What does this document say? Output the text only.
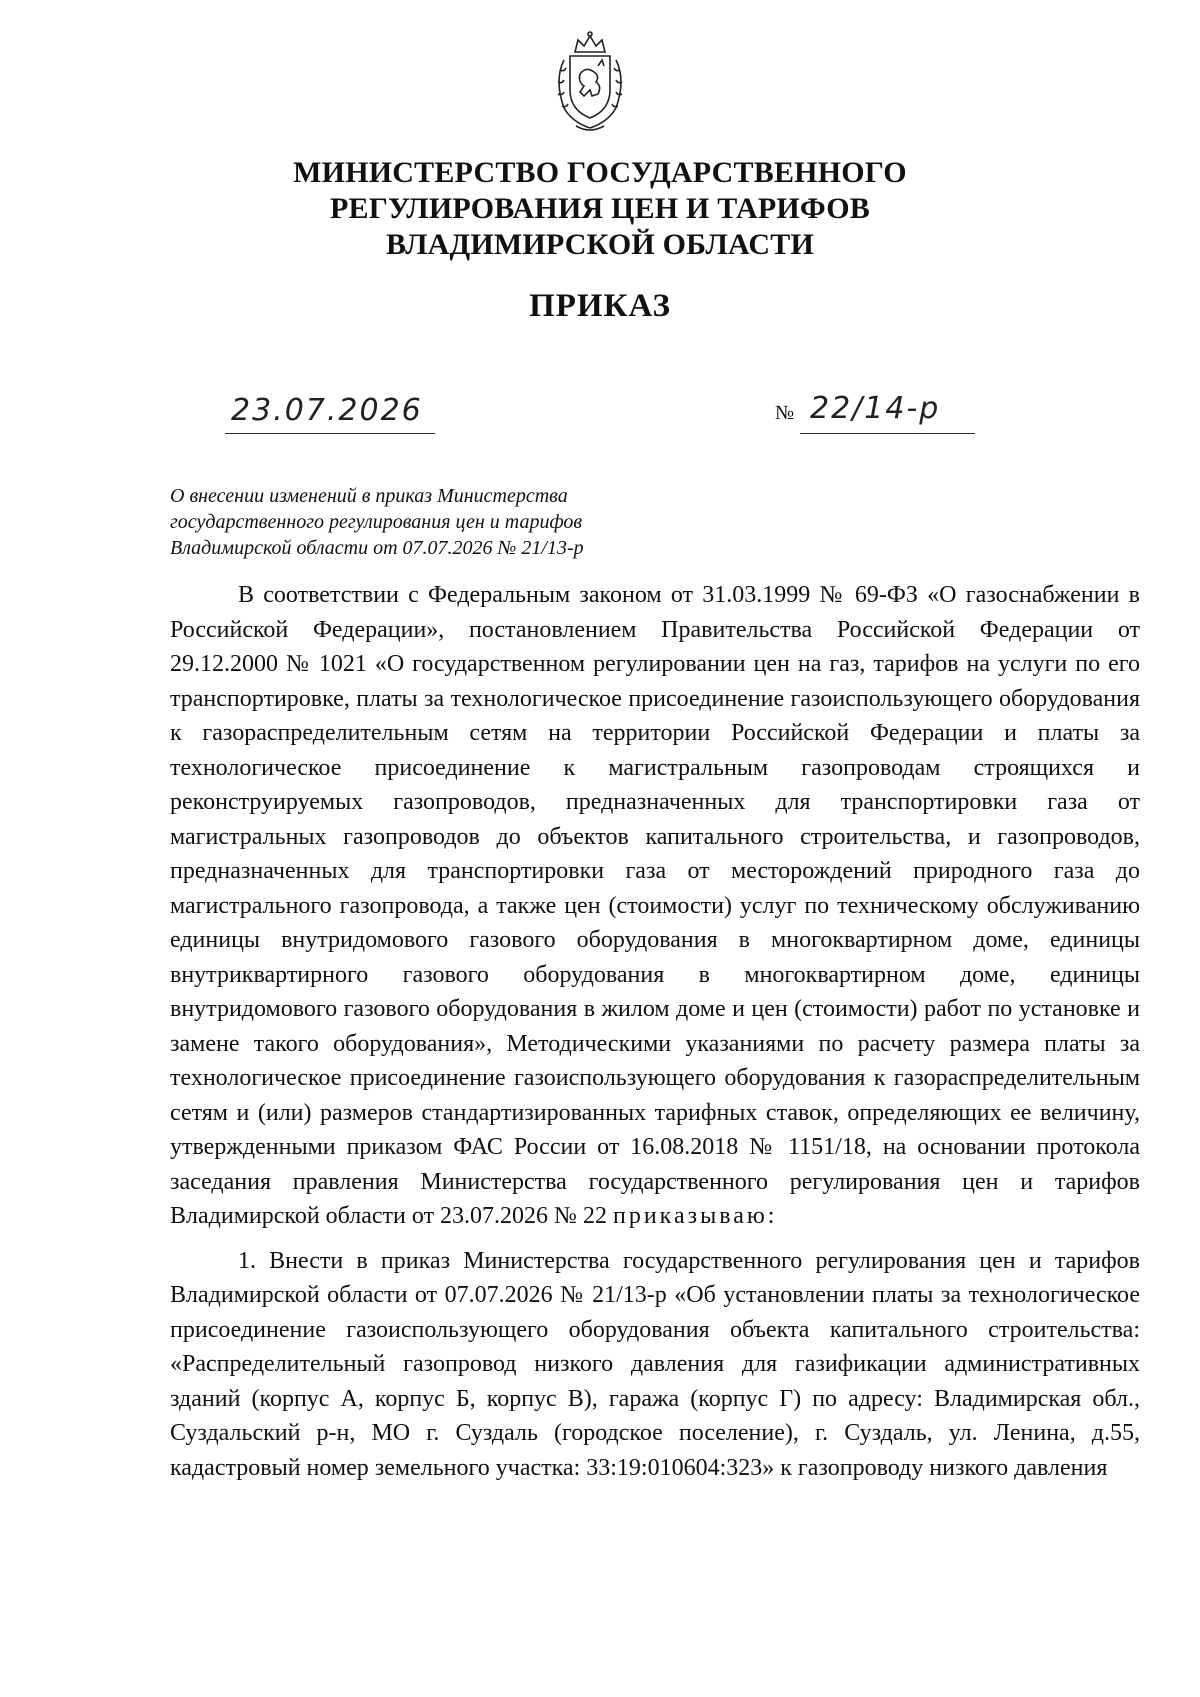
МИНИСТЕРСТВО ГОСУДАРСТВЕННОГО
РЕГУЛИРОВАНИЯ ЦЕН И ТАРИФОВ
ВЛАДИМИРСКОЙ ОБЛАСТИ
ПРИКАЗ
23.07.2026	№ 22/14-р
О внесении изменений в приказ Министерства
государственного регулирования цен и тарифов
Владимирской области от 07.07.2026 № 21/13-р

В соответствии с Федеральным законом от 31.03.1999 № 69-ФЗ «О газоснабжении в Российской Федерации», постановлением Правительства Российской Федерации от 29.12.2000 № 1021 «О государственном регулировании цен на газ, тарифов на услуги по его транспортировке, платы за технологическое присоединение газоиспользующего оборудования к газораспределительным сетям на территории Российской Федерации и платы за технологическое присоединение к магистральным газопроводам строящихся и реконструируемых газопроводов, предназначенных для транспортировки газа от магистральных газопроводов до объектов капитального строительства, и газопроводов, предназначенных для транспортировки газа от месторождений природного газа до магистрального газопровода, а также цен (стоимости) услуг по техническому обслуживанию единицы внутридомового газового оборудования в многоквартирном доме, единицы внутриквартирного газового оборудования в многоквартирном доме, единицы внутридомового газового оборудования в жилом доме и цен (стоимости) работ по установке и замене такого оборудования», Методическими указаниями по расчету размера платы за технологическое присоединение газоиспользующего оборудования к газораспределительным сетям и (или) размеров стандартизированных тарифных ставок, определяющих ее величину, утвержденными приказом ФАС России от 16.08.2018 № 1151/18, на основании протокола заседания правления Министерства государственного регулирования цен и тарифов Владимирской области от 23.07.2026 № 22 приказываю:

1. Внести в приказ Министерства государственного регулирования цен и тарифов Владимирской области от 07.07.2026 № 21/13-р «Об установлении платы за технологическое присоединение газоиспользующего оборудования объекта капитального строительства: «Распределительный газопровод низкого давления для газификации административных зданий (корпус А, корпус Б, корпус В), гаража (корпус Г) по адресу: Владимирская обл., Суздальский р-н, МО г. Суздаль (городское поселение), г. Суздаль, ул. Ленина, д.55, кадастровый номер земельного участка: 33:19:010604:323» к газопроводу низкого давления
